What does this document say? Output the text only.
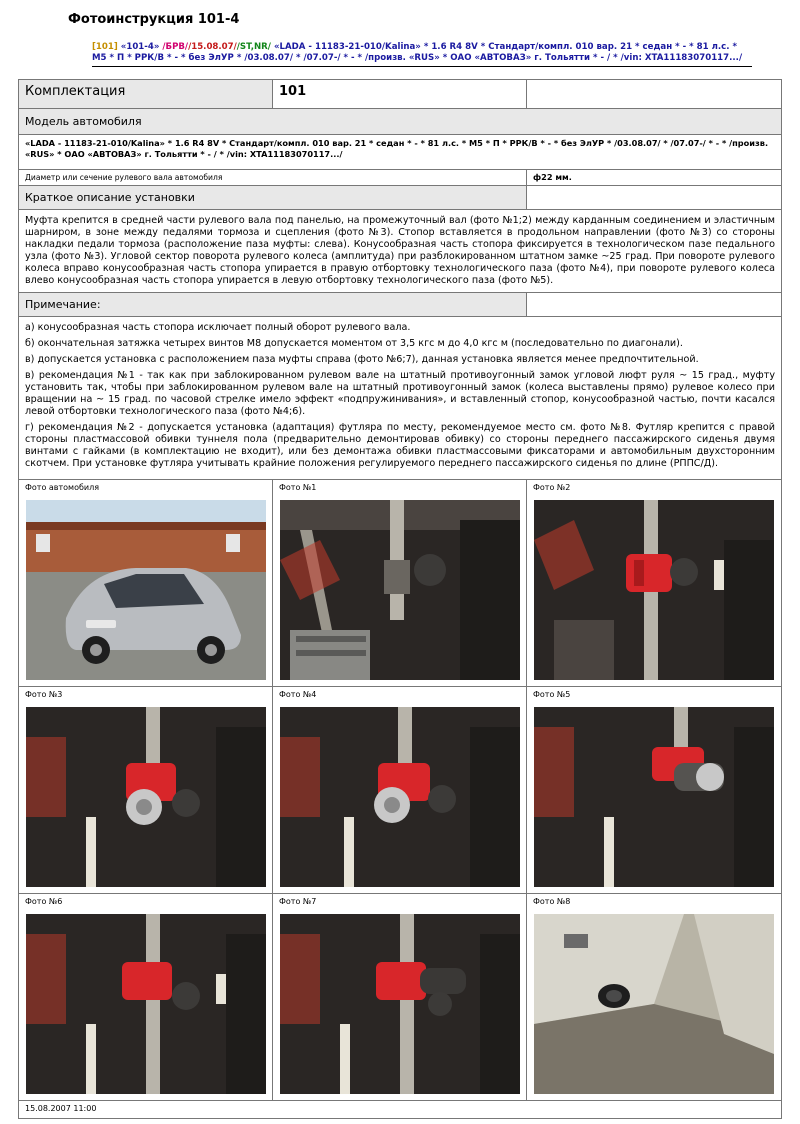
Фотоинструкция 101-4
[101] «101-4» /БРВ//15.08.07//ST,NR/ «LADA - 11183-21-010/Kalina» * 1.6 R4 8V * Стандарт/компл. 010 вар. 21 * седан * - * 81 л.с. * М5 * П * РРК/В * - * без ЭлУР * /03.08.07/ * /07.07-/ * - * /произв. «RUS» * ОАО «АВТОВАЗ» г. Тольятти * - / * /vin: XTA11183070117.../
Комплектация	101	
Модель автомобиля		
«LADA - 11183-21-010/Kalina» * 1.6 R4 8V * Стандарт/компл. 010 вар. 21 * седан * - * 81 л.с. * М5 * П * РРК/В * - * без ЭлУР * /03.08.07/ * /07.07-/ * - * /произв. «RUS» * ОАО «АВТОВАЗ» г. Тольятти * - / * /vin: XTA11183070117.../		
Диаметр или сечение рулевого вала автомобиля		ф22 мм.
Краткое описание установки		
Муфта крепится в средней части рулевого вала под панелью, на промежуточный вал (фото №1;2) между карданным соединением и эластичным шарниром, в зоне между педалями тормоза и сцепления (фото №3). Стопор вставляется в продольном направлении (фото №3) со стороны накладки педали тормоза (расположение паза муфты: слева). Конусообразная часть стопора фиксируется в технологическом пазе педального узла (фото №3). Угловой сектор поворота рулевого колеса (амплитуда) при разблокированном штатном замке ~25 град. При повороте рулевого колеса вправо конусообразная часть стопора упирается в правую отбортовку технологического паза (фото №4), при повороте рулевого колеса влево конусообразная часть стопора упирается в левую отбортовку технологического паза (фото №5).		
Примечание:		

а) конусообразная часть стопора исключает полный оборот рулевого вала.

б) окончательная затяжка четырех винтов М8 допускается моментом от 3,5 кгс м до 4,0 кгс м (последовательно по диагонали).

в) допускается установка с расположением паза муфты справа (фото №6;7), данная установка является менее предпочтительной.

в) рекомендация №1 - так как при заблокированном рулевом вале на штатный противоугонный замок угловой люфт руля ~ 15 град., муфту установить так, чтобы при заблокированном рулевом вале на штатный противоугонный замок (колеса выставлены прямо) рулевое колесо при вращении на ~ 15 град. по часовой стрелке имело эффект «подпружинивания», и вставленный стопор, конусообразной частью, почти касался левой отбортовки технологического паза (фото №4;6).

г) рекомендация №2 - допускается установка (адаптация) футляра по месту, рекомендуемое место см. фото №8. Футляр крепится с правой стороны пластмассовой обивки туннеля пола (предварительно демонтировав обивку) со стороны переднего пассажирского сиденья двумя винтами с гайками (в комплектацию не входит), или без демонтажа обивки пластмассовыми фиксаторами и автомобильным двухсторонним скотчем. При установке футляра учитывать крайние положения регулируемого переднего пассажирского сиденья по длине (РППС/Д).		

Фото автомобиля	Фото №1	Фото №2

Фото №3	Фото №4	Фото №5

Фото №6	Фото №7	Фото №8

15.08.2007 11:00		
